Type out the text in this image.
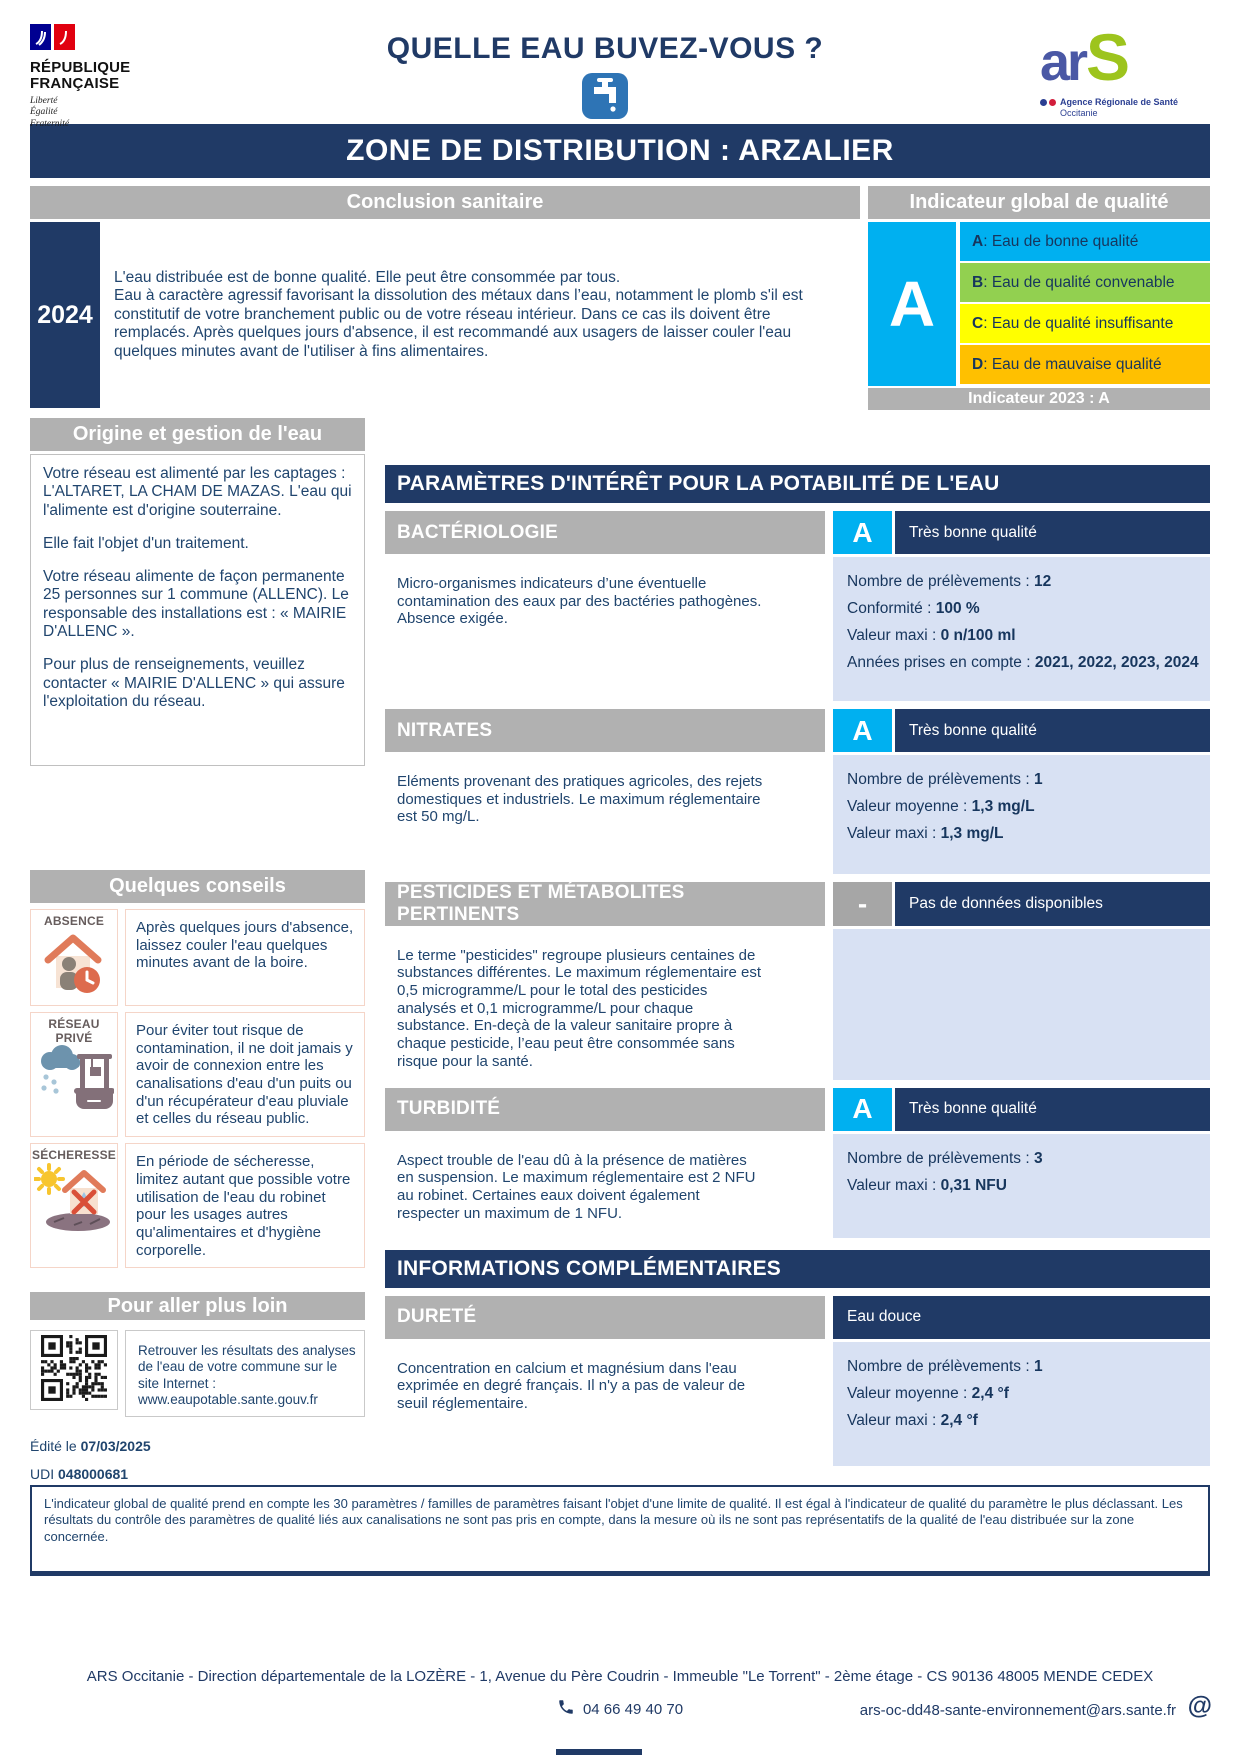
RÉPUBLIQUE
FRANÇAISE
Liberté
Égalité
Fraternité
QUELLE EAU BUVEZ-VOUS ?	arS
Agence Régionale de Santé
Occitanie
ZONE DE DISTRIBUTION : ARZALIER
Conclusion sanitaire
2024
L'eau distribuée est de bonne qualité. Elle peut être consommée par tous.
Eau à caractère agressif favorisant la dissolution des métaux dans l’eau, notamment le plomb s'il est constitutif de votre branchement public ou de votre réseau intérieur. Dans ce cas ils doivent être remplacés. Après quelques jours d'absence, il est recommandé aux usagers de laisser couler l'eau quelques minutes avant de l'utiliser à fins alimentaires.
Indicateur global de qualité
A
A : Eau de bonne qualité
B : Eau de qualité convenable
C : Eau de qualité insuffisante
D : Eau de mauvaise qualité
Indicateur 2023 : A
Origine et gestion de l'eau

Votre réseau est alimenté par les captages : L'ALTARET, LA CHAM DE MAZAS. L'eau qui l'alimente est d'origine souterraine.

Elle fait l'objet d'un traitement.

Votre réseau alimente de façon permanente 25 personnes sur 1 commune (ALLENC). Le responsable des installations est : « MAIRIE D'ALLENC ».

Pour plus de renseignements, veuillez contacter « MAIRIE D'ALLENC » qui assure l'exploitation du réseau.

Quelques conseils
ABSENCE	Après quelques jours d'absence, laissez couler l'eau quelques minutes avant de la boire.
RÉSEAU PRIVÉ	Pour éviter tout risque de contamination, il ne doit jamais y avoir de connexion entre les canalisations d'eau d'un puits ou d'un récupérateur d'eau pluviale et celles du réseau public.
SÉCHERESSE	En période de sécheresse, limitez autant que possible votre utilisation de l'eau du robinet pour les usages autres qu'alimentaires et d'hygiène corporelle.
Pour aller plus loin
Retrouver les résultats des analyses de l'eau de votre commune sur le site Internet : www.eaupotable.sante.gouv.fr
Édité le 07/03/2025
UDI 048000681
PARAMÈTRES D'INTÉRÊT POUR LA POTABILITÉ DE L'EAU
BACTÉRIOLOGIE	A	Très bonne qualité
Micro-organismes indicateurs d’une éventuelle contamination des eaux par des bactéries pathogènes. Absence exigée.
Nombre de prélèvements : 12
Conformité : 100 %
Valeur maxi : 0 n/100 ml
Années prises en compte : 2021, 2022, 2023, 2024
NITRATES	A	Très bonne qualité
Eléments provenant des pratiques agricoles, des rejets domestiques et industriels. Le maximum réglementaire est 50 mg/L.
Nombre de prélèvements : 1
Valeur moyenne : 1,3 mg/L
Valeur maxi : 1,3 mg/L
PESTICIDES ET MÉTABOLITES PERTINENTS	-	Pas de données disponibles
Le terme "pesticides" regroupe plusieurs centaines de substances différentes. Le maximum réglementaire est 0,5 microgramme/L pour le total des pesticides analysés et 0,1 microgramme/L pour chaque substance. En-deçà de la valeur sanitaire propre à chaque pesticide, l’eau peut être consommée sans risque pour la santé.
TURBIDITÉ	A	Très bonne qualité
Aspect trouble de l'eau dû à la présence de matières en suspension. Le maximum réglementaire est 2 NFU au robinet. Certaines eaux doivent également respecter un maximum de 1 NFU.
Nombre de prélèvements : 3
Valeur maxi : 0,31 NFU
INFORMATIONS COMPLÉMENTAIRES
DURETÉ	Eau douce
Concentration en calcium et magnésium dans l'eau exprimée en degré français. Il n'y a pas de valeur de seuil réglementaire.
Nombre de prélèvements : 1
Valeur moyenne : 2,4 °f
Valeur maxi : 2,4 °f
L'indicateur global de qualité prend en compte les 30 paramètres / familles de paramètres faisant l'objet d'une limite de qualité. Il est égal à l'indicateur de qualité du paramètre le plus déclassant. Les résultats du contrôle des paramètres de qualité liés aux canalisations ne sont pas pris en compte, dans la mesure où ils ne sont pas représentatifs de la qualité de l'eau distribuée sur la zone concernée.
ARS Occitanie - Direction départementale de la LOZÈRE - 1, Avenue du Père Coudrin - Immeuble "Le Torrent" - 2ème étage - CS 90136 48005 MENDE CEDEX
04 66 49 40 70	ars-oc-dd48-sante-environnement@ars.sante.fr @
